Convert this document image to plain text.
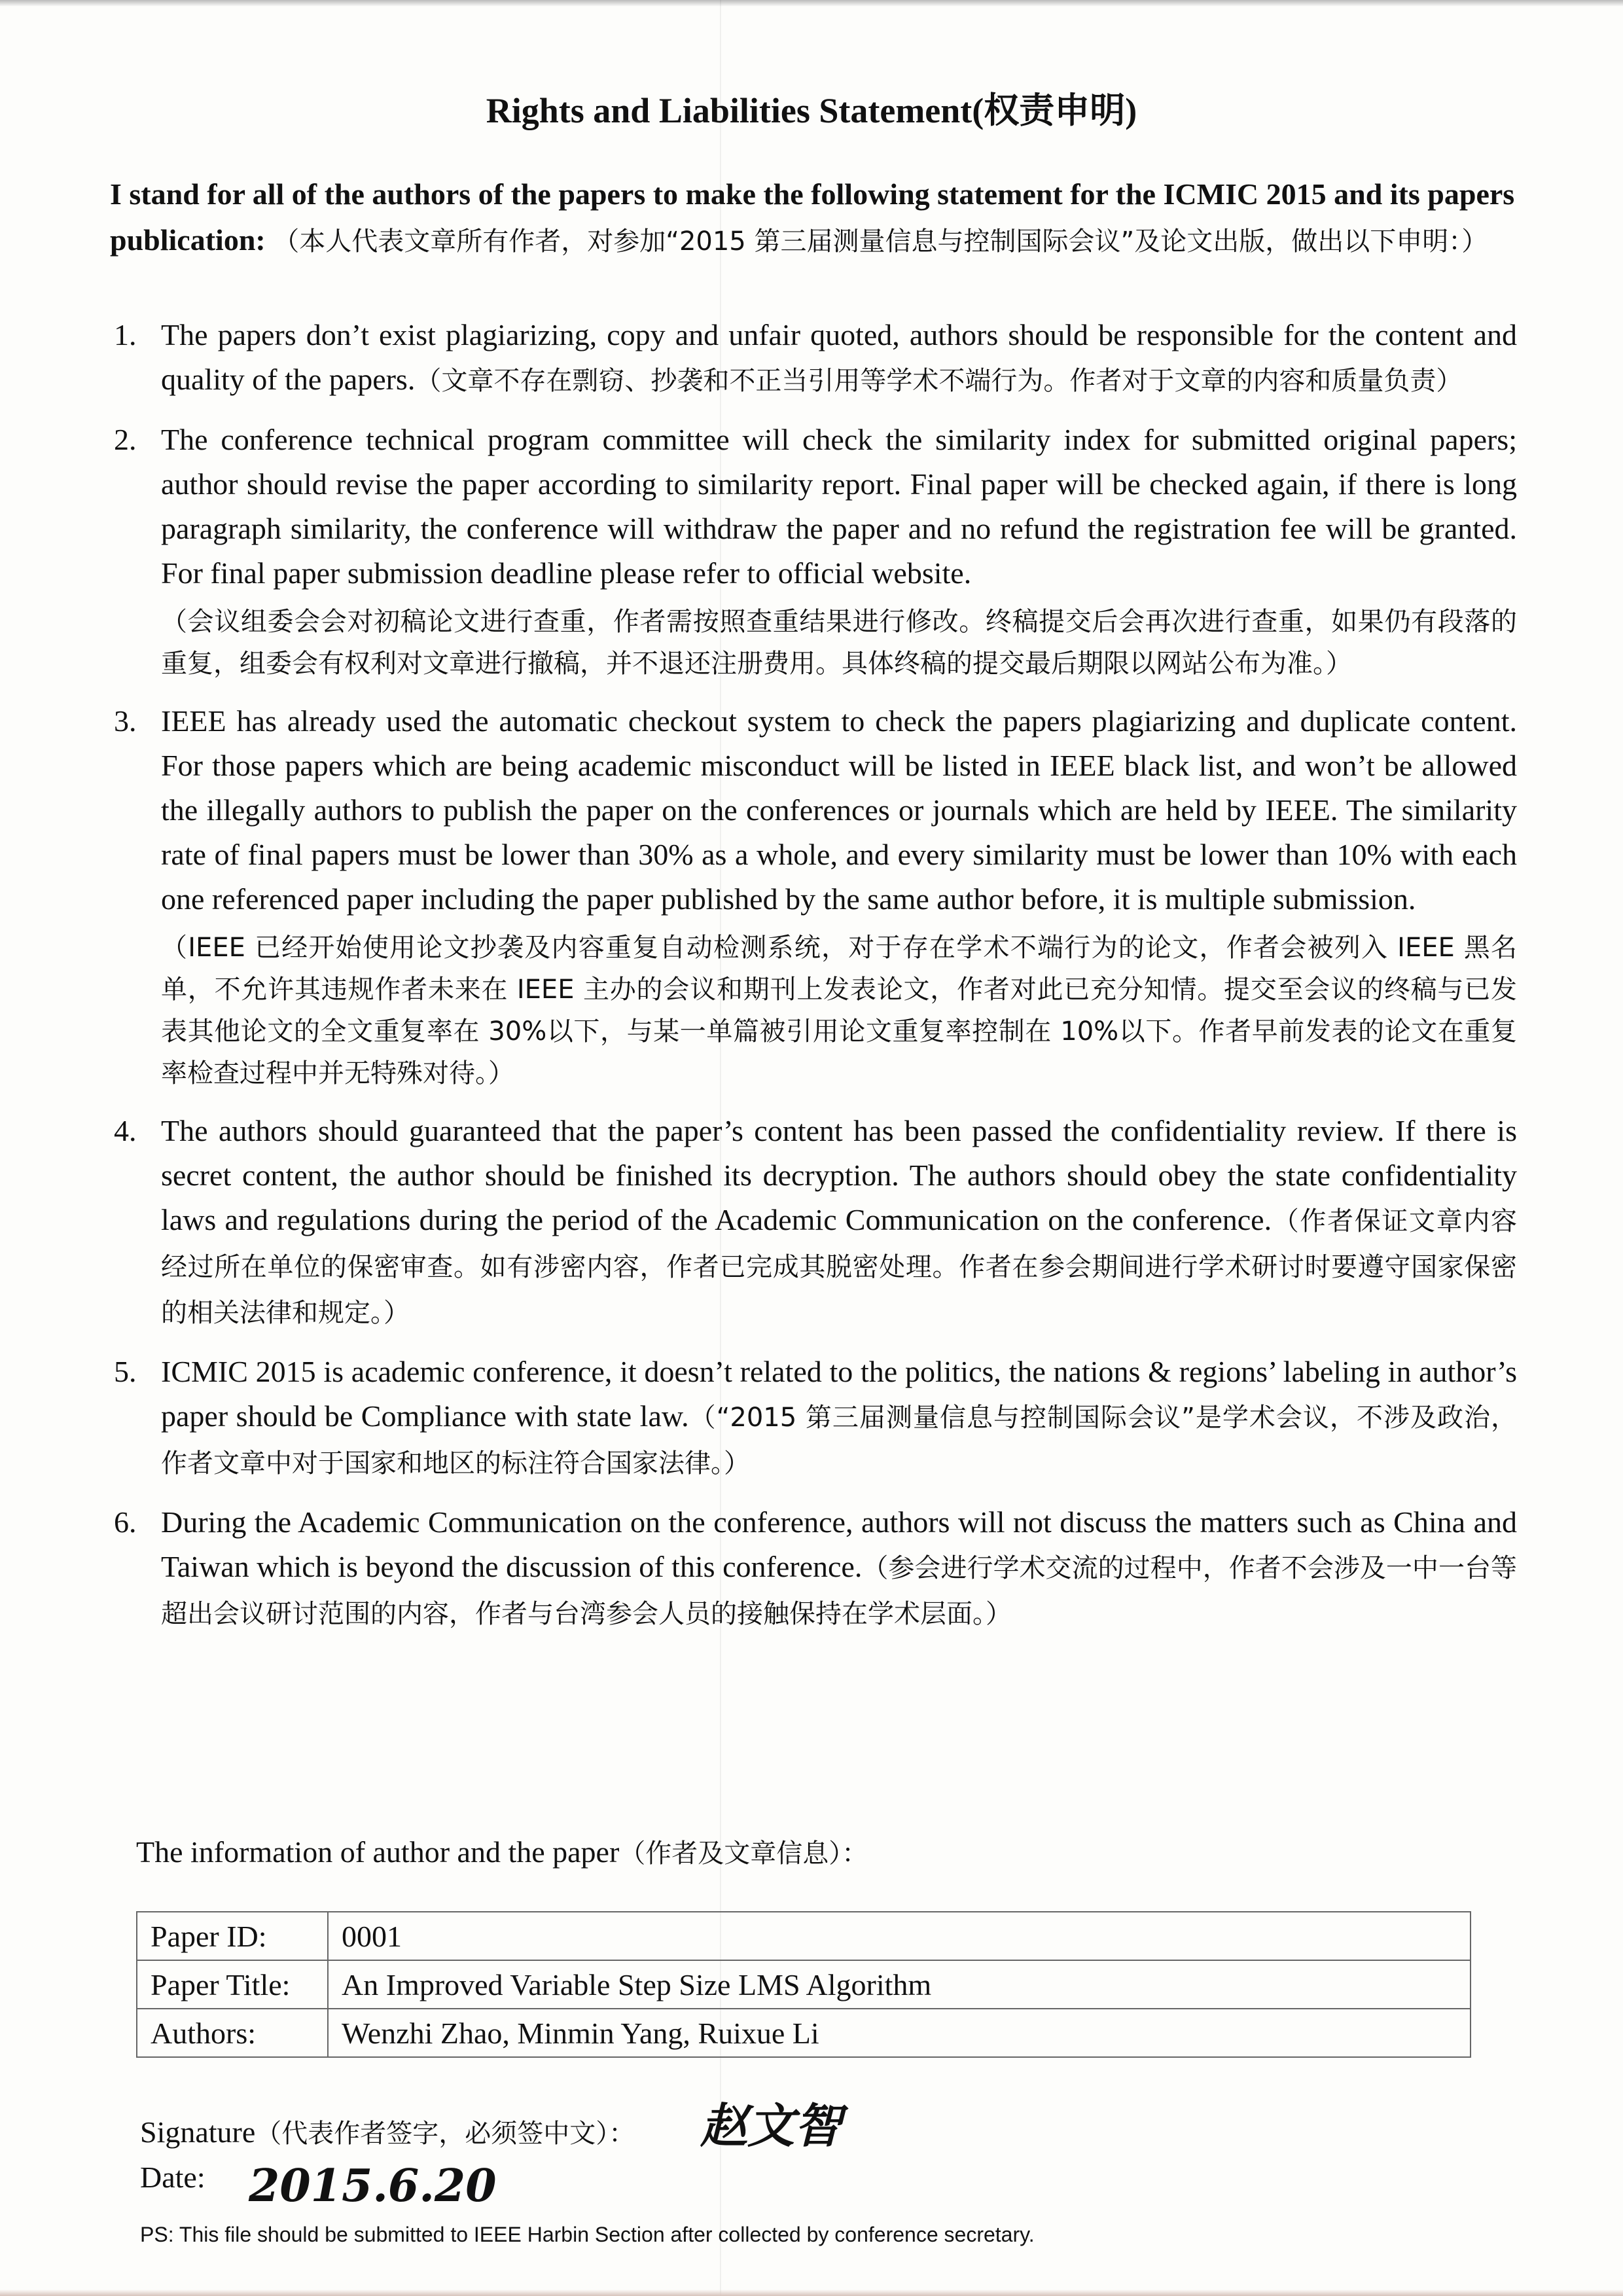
Rights and Liabilities Statement(权责申明)
I stand for all of the authors of the papers to make the following statement for the ICMIC 2015 and its papers publication: （本人代表文章所有作者，对参加“2015 第三届测量信息与控制国际会议”及论文出版，做出以下申明：）
1. The papers don’t exist plagiarizing, copy and unfair quoted, authors should be responsible for the content and quality of the papers.（文章不存在剽窃、抄袭和不正当引用等学术不端行为。作者对于文章的内容和质量负责）
2. The conference technical program committee will check the similarity index for submitted original papers; author should revise the paper according to similarity report. Final paper will be checked again, if there is long paragraph similarity, the conference will withdraw the paper and no refund the registration fee will be granted. For final paper submission deadline please refer to official website.
（会议组委会会对初稿论文进行查重，作者需按照查重结果进行修改。终稿提交后会再次进行查重，如果仍有段落的重复，组委会有权利对文章进行撤稿，并不退还注册费用。具体终稿的提交最后期限以网站公布为准。）
3. IEEE has already used the automatic checkout system to check the papers plagiarizing and duplicate content. For those papers which are being academic misconduct will be listed in IEEE black list, and won’t be allowed the illegally authors to publish the paper on the conferences or journals which are held by IEEE. The similarity rate of final papers must be lower than 30% as a whole, and every similarity must be lower than 10% with each one referenced paper including the paper published by the same author before, it is multiple submission.
（IEEE 已经开始使用论文抄袭及内容重复自动检测系统，对于存在学术不端行为的论文，作者会被列入 IEEE 黑名单，不允许其违规作者未来在 IEEE 主办的会议和期刊上发表论文，作者对此已充分知情。提交至会议的终稿与已发表其他论文的全文重复率在 30%以下，与某一单篇被引用论文重复率控制在 10%以下。作者早前发表的论文在重复率检查过程中并无特殊对待。）
4. The authors should guaranteed that the paper’s content has been passed the confidentiality review. If there is secret content, the author should be finished its decryption. The authors should obey the state confidentiality laws and regulations during the period of the Academic Communication on the conference.（作者保证文章内容经过所在单位的保密审查。如有涉密内容，作者已完成其脱密处理。作者在参会期间进行学术研讨时要遵守国家保密的相关法律和规定。）
5. ICMIC 2015 is academic conference, it doesn’t related to the politics, the nations & regions’ labeling in author’s paper should be Compliance with state law.（“2015 第三届测量信息与控制国际会议”是学术会议，不涉及政治，作者文章中对于国家和地区的标注符合国家法律。）
6. During the Academic Communication on the conference, authors will not discuss the matters such as China and Taiwan which is beyond the discussion of this conference.（参会进行学术交流的过程中，作者不会涉及一中一台等超出会议研讨范围的内容，作者与台湾参会人员的接触保持在学术层面。）
The information of author and the paper（作者及文章信息）：
Paper ID:	0001
Paper Title:	An Improved Variable Step Size LMS Algorithm
Authors:	Wenzhi Zhao, Minmin Yang, Ruixue Li
Signature（代表作者签字，必须签中文）： 赵文智
Date: 2015.6.20
PS: This file should be submitted to IEEE Harbin Section after collected by conference secretary.
